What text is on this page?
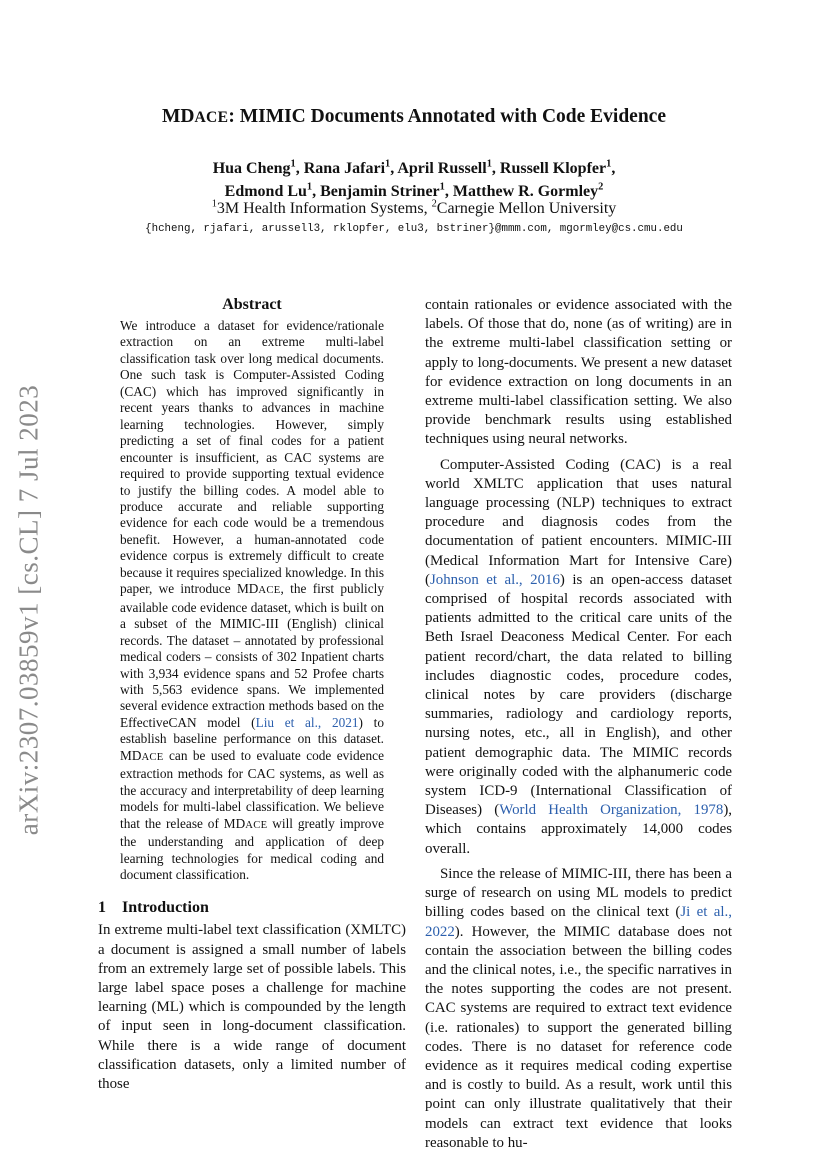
arXiv:2307.03859v1 [cs.CL] 7 Jul 2023
MDACE: MIMIC Documents Annotated with Code Evidence
Hua Cheng$^1$, Rana Jafari$^1$, April Russell$^1$, Russell Klopfer$^1$,
Edmond Lu$^1$, Benjamin Striner$^1$, Matthew R. Gormley$^2$
$^1$3M Health Information Systems, $^2$Carnegie Mellon University
{hcheng, rjafari, arussell3, rklopfer, elu3, bstriner}@mmm.com, mgormley@cs.cmu.edu
Abstract
We introduce a dataset for evidence/rationale extraction on an extreme multi-label classification task over long medical documents. One such task is Computer-Assisted Coding (CAC) which has improved significantly in recent years thanks to advances in machine learning technologies. However, simply predicting a set of final codes for a patient encounter is insufficient, as CAC systems are required to provide supporting textual evidence to justify the billing codes. A model able to produce accurate and reliable supporting evidence for each code would be a tremendous benefit. However, a human-annotated code evidence corpus is extremely difficult to create because it requires specialized knowledge. In this paper, we introduce MDACE, the first publicly available code evidence dataset, which is built on a subset of the MIMIC-III (English) clinical records. The dataset – annotated by professional medical coders – consists of 302 Inpatient charts with 3,934 evidence spans and 52 Profee charts with 5,563 evidence spans. We implemented several evidence extraction methods based on the EffectiveCAN model (Liu et al., 2021) to establish baseline performance on this dataset. MDACE can be used to evaluate code evidence extraction methods for CAC systems, as well as the accuracy and interpretability of deep learning models for multi-label classification. We believe that the release of MDACE will greatly improve the understanding and application of deep learning technologies for medical coding and document classification.
1 Introduction

In extreme multi-label text classification (XMLTC) a document is assigned a small number of labels from an extremely large set of possible labels. This large label space poses a challenge for machine learning (ML) which is compounded by the length of input seen in long-document classification. While there is a wide range of document classification datasets, only a limited number of those

contain rationales or evidence associated with the labels. Of those that do, none (as of writing) are in the extreme multi-label classification setting or apply to long-documents. We present a new dataset for evidence extraction on long documents in an extreme multi-label classification setting. We also provide benchmark results using established techniques using neural networks.

Computer-Assisted Coding (CAC) is a real world XMLTC application that uses natural language processing (NLP) techniques to extract procedure and diagnosis codes from the documentation of patient encounters. MIMIC-III (Medical Information Mart for Intensive Care) (Johnson et al., 2016) is an open-access dataset comprised of hospital records associated with patients admitted to the critical care units of the Beth Israel Deaconess Medical Center. For each patient record/chart, the data related to billing includes diagnostic codes, procedure codes, clinical notes by care providers (discharge summaries, radiology and cardiology reports, nursing notes, etc., all in English), and other patient demographic data. The MIMIC records were originally coded with the alphanumeric code system ICD-9 (International Classification of Diseases) (World Health Organization, 1978), which contains approximately 14,000 codes overall.

Since the release of MIMIC-III, there has been a surge of research on using ML models to predict billing codes based on the clinical text (Ji et al., 2022). However, the MIMIC database does not contain the association between the billing codes and the clinical notes, i.e., the specific narratives in the notes supporting the codes are not present. CAC systems are required to extract text evidence (i.e. rationales) to support the generated billing codes. There is no dataset for reference code evidence as it requires medical coding expertise and is costly to build. As a result, work until this point can only illustrate qualitatively that their models can extract text evidence that looks reasonable to hu-
